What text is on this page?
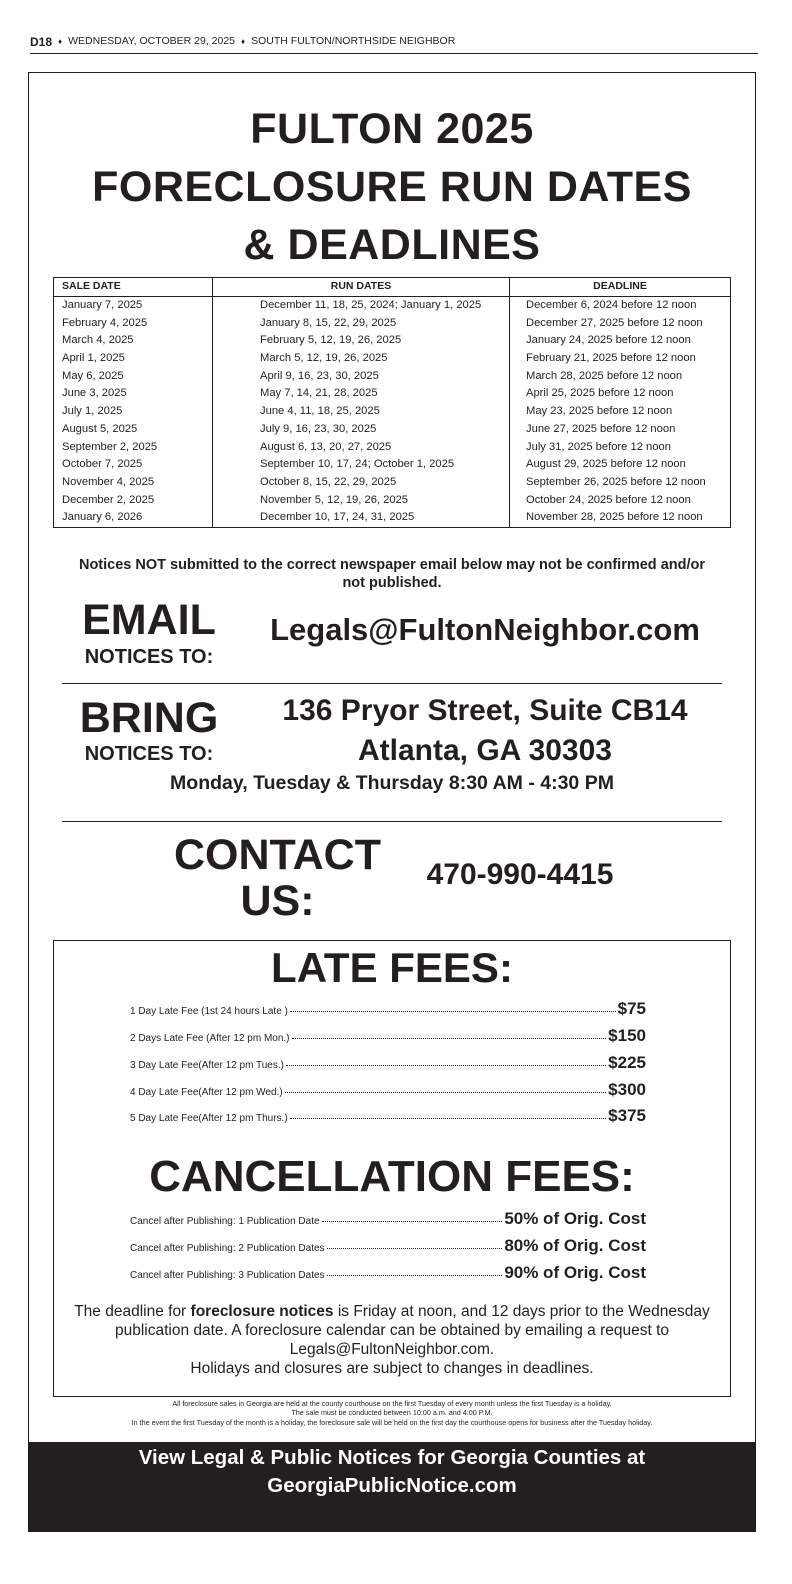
D18 ♦ WEDNESDAY, OCTOBER 29, 2025 ♦ SOUTH FULTON/NORTHSIDE NEIGHBOR
FULTON 2025
FORECLOSURE RUN DATES
& DEADLINES
SALE DATE	RUN DATES	DEADLINE
January 7, 2025	December 11, 18, 25, 2024; January 1, 2025	December 6, 2024 before 12 noon
February 4, 2025	January 8, 15, 22, 29, 2025	December 27, 2025 before 12 noon
March 4, 2025	February 5, 12, 19, 26, 2025	January 24, 2025 before 12 noon
April 1, 2025	March 5, 12, 19, 26, 2025	February 21, 2025 before 12 noon
May 6, 2025	April 9, 16, 23, 30, 2025	March 28, 2025 before 12 noon
June 3, 2025	May 7, 14, 21, 28, 2025	April 25, 2025 before 12 noon
July 1, 2025	June 4, 11, 18, 25, 2025	May 23, 2025 before 12 noon
August 5, 2025	July 9, 16, 23, 30, 2025	June 27, 2025 before 12 noon
September 2, 2025	August 6, 13, 20, 27, 2025	July 31, 2025 before 12 noon
October 7, 2025	September 10, 17, 24; October 1, 2025	August 29, 2025 before 12 noon
November 4, 2025	October 8, 15, 22, 29, 2025	September 26, 2025 before 12 noon
December 2, 2025	November 5, 12, 19, 26, 2025	October 24, 2025 before 12 noon
January 6, 2026	December 10, 17, 24, 31, 2025	November 28, 2025 before 12 noon
Notices NOT submitted to the correct newspaper email below may not be confirmed and/or not published.
EMAIL
NOTICES TO:
Legals@FultonNeighbor.com
BRING
NOTICES TO:
136 Pryor Street, Suite CB14
Atlanta, GA 30303
Monday, Tuesday & Thursday 8:30 AM - 4:30 PM
CONTACT
US:
470-990-4415
LATE FEES:
1 Day Late Fee (1st 24 hours Late )	$75
2 Days Late Fee (After 12 pm Mon.)	$150
3 Day Late Fee(After 12 pm Tues.)	$225
4 Day Late Fee(After 12 pm Wed.)	$300
5 Day Late Fee(After 12 pm Thurs.)	$375
CANCELLATION FEES:
Cancel after Publishing: 1 Publication Date	50% of Orig. Cost
Cancel after Publishing: 2 Publication Dates	80% of Orig. Cost
Cancel after Publishing: 3 Publication Dates	90% of Orig. Cost
The deadline for foreclosure notices is Friday at noon, and 12 days prior to the Wednesday publication date. A foreclosure calendar can be obtained by emailing a request to Legals@FultonNeighbor.com.
Holidays and closures are subject to changes in deadlines.
All foreclosure sales in Georgia are held at the county courthouse on the first Tuesday of every month unless the first Tuesday is a holiday.
The sale must be conducted between 10:00 a.m. and 4:00 P.M.
In the event the first Tuesday of the month is a holiday, the foreclosure sale will be held on the first day the courthouse opens for business after the Tuesday holiday.
View Legal & Public Notices for Georgia Counties at
GeorgiaPublicNotice.com
